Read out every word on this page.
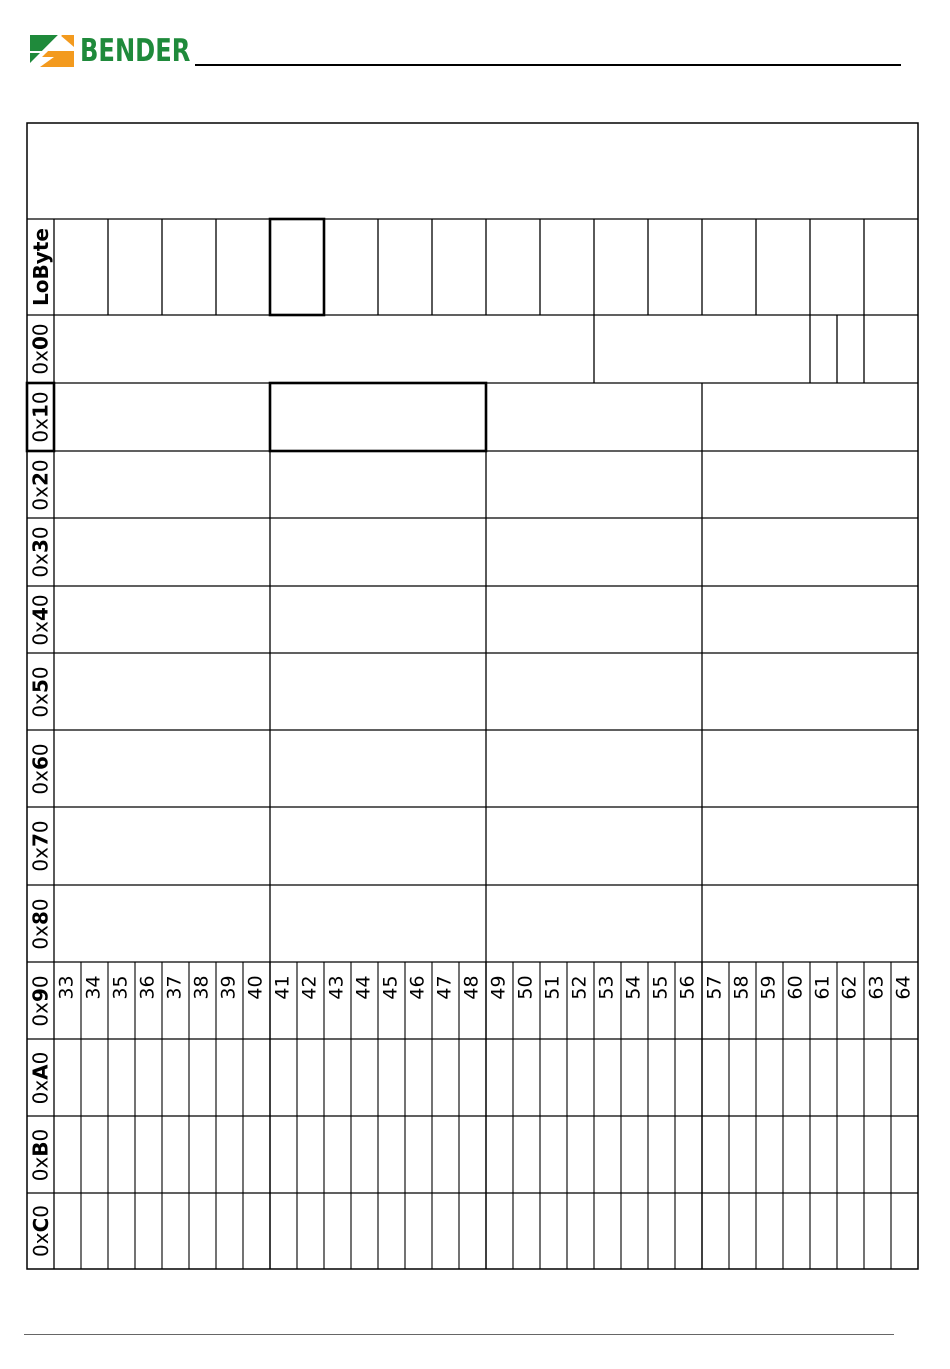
BENDER
LoByte
0x00
0x10
0x20
0x30
0x40
0x50
0x60
0x70
0x80
0x90
0xA0
0xB0
0xC0
33 34 35 36 37 38 39 40 41 42 43 44 45 46 47 48 49 50 51 52 53 54 55 56 57 58 59 60 61 62 63 64
